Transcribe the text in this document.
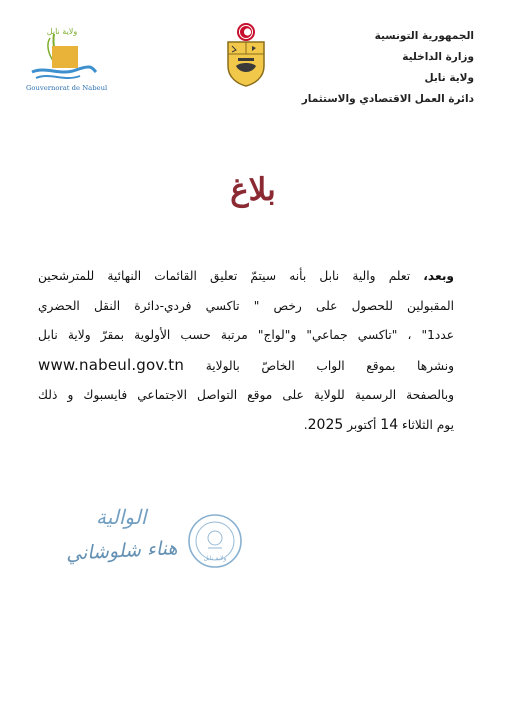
ولاية نابل
Gouvernorat de Nabeul
الجمهورية التونسية
وزارة الداخلية
ولاية نابل
دائرة العمل الاقتصادي والاستثمار
بلاغ
وبعد، تعلم والية نابل بأنه سيتمّ تعليق القائمات النهائية للمترشحين
المقبولين للحصول على رخص " تاكسي فردي-دائرة النقل الحضري
عدد1" ، "تاكسي جماعي" و"لواج" مرتبة حسب الأولوية بمقرّ ولاية نابل
ونشرها بموقع الواب الخاصّ بالولاية www.nabeul.gov.tn
وبالصفحة الرسمية للولاية على موقع التواصل الاجتماعي فايسبوك و ذلك
يوم الثلاثاء 14 أكتوبر 2025.
الوالية
هناء شلوشاني	ولاية نابل
